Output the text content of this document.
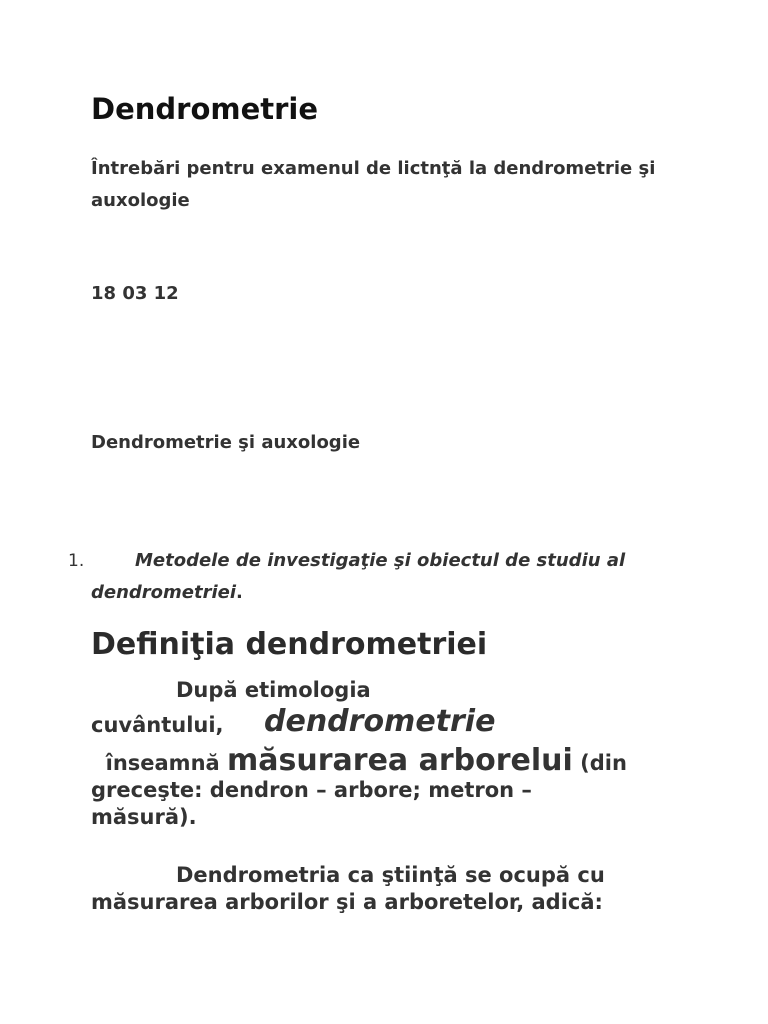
Dendrometrie
Întrebări pentru examenul de lictnţă la dendrometrie şi
auxologie
18 03 12
Dendrometrie şi auxologie
1.	Metodele de investigaţie şi obiectul de studiu al
dendrometriei.
Definiţia dendrometriei
După etimologia
cuvântului, dendrometrie
înseamnă măsurarea arborelui (din
greceşte: dendron – arbore; metron –
măsură).
Dendrometria ca ştiinţă se ocupă cu
măsurarea arborilor şi a arboretelor, adică:
